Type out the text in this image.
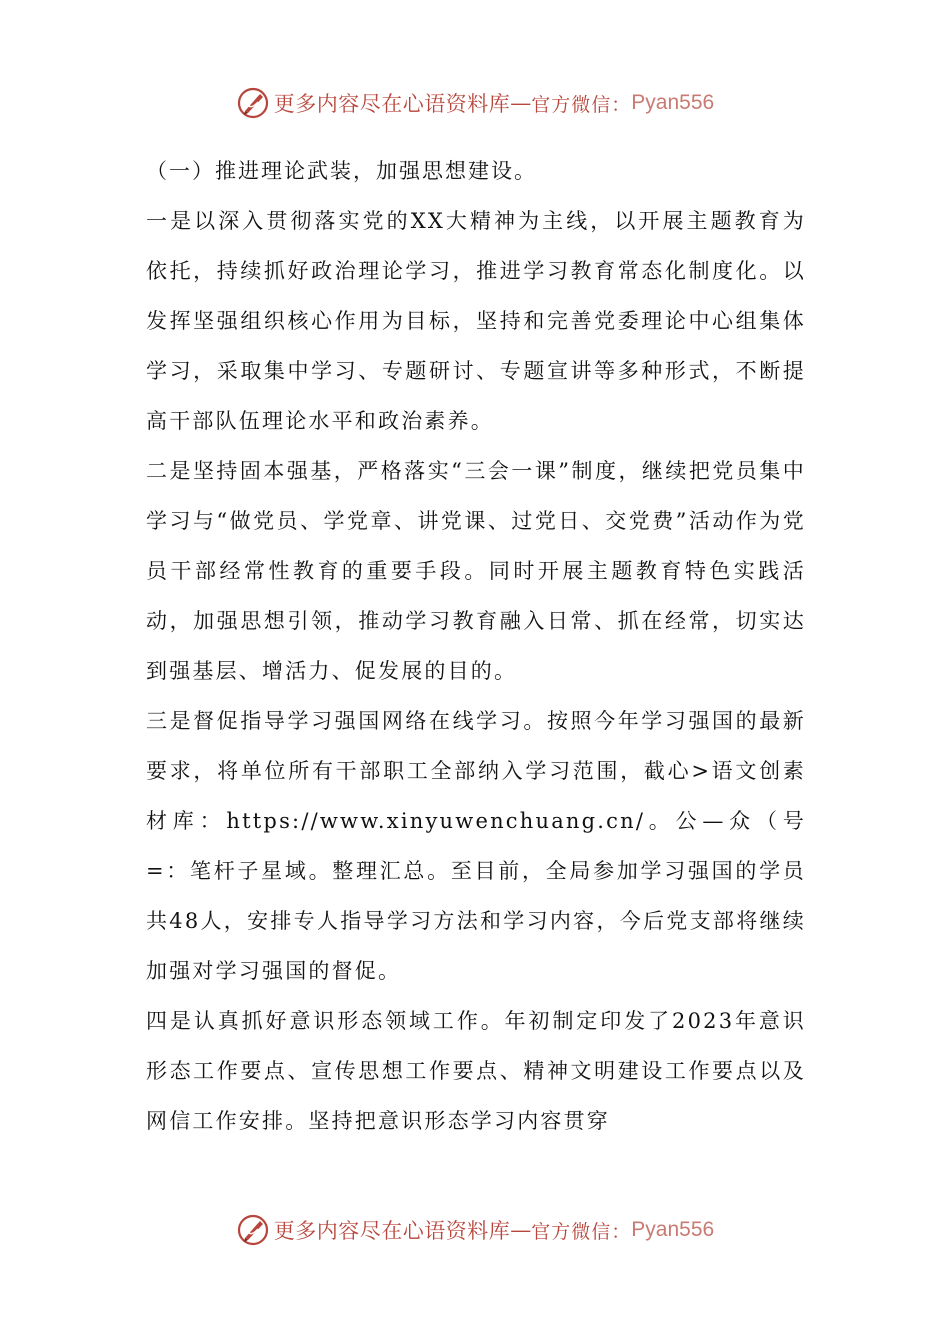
更多内容尽在心语资料库 — 官方微信： Pyan556
（一）推进理论武装，加强思想建设。

一是以深入贯彻落实党的XX大精神为主线，以开展主题教育为依托，持续抓好政治理论学习，推进学习教育常态化制度化。以发挥坚强组织核心作用为目标，坚持和完善党委理论中心组集体学习，采取集中学习、专题研讨、专题宣讲等多种形式，不断提高干部队伍理论水平和政治素养。

二是坚持固本强基，严格落实“三会一课”制度，继续把党员集中学习与“做党员、学党章、讲党课、过党日、交党费”活动作为党员干部经常性教育的重要手段。同时开展主题教育特色实践活动，加强思想引领，推动学习教育融入日常、抓在经常，切实达到强基层、增活力、促发展的目的。

三是督促指导学习强国网络在线学习。按照今年学习强国的最新要求，将单位所有干部职工全部纳入学习范围，截心>语文创素材库：https://www.xinyuwenchuang.cn/。公—众（号=：笔杆子星域。整理汇总。至目前，全局参加学习强国的学员共48人，安排专人指导学习方法和学习内容，今后党支部将继续加强对学习强国的督促。

四是认真抓好意识形态领域工作。年初制定印发了2023年意识形态工作要点、宣传思想工作要点、精神文明建设工作要点以及网信工作安排。坚持把意识形态学习内容贯穿

更多内容尽在心语资料库 — 官方微信： Pyan556
